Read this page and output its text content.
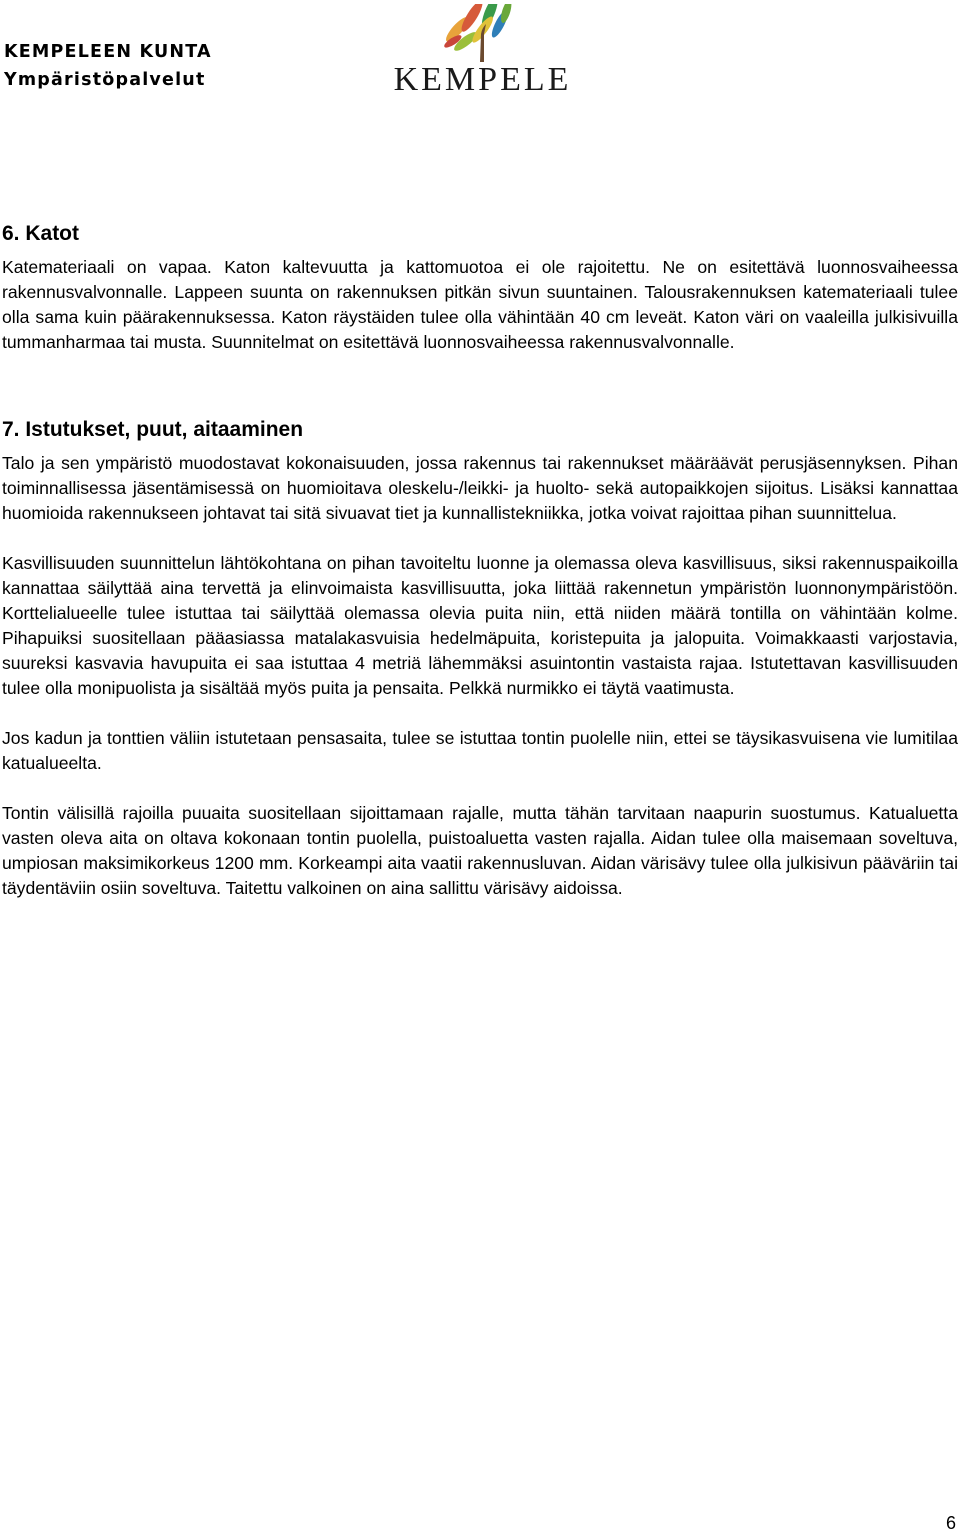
KEMPELEEN KUNTA
Ympäristöpalvelut	KEMPELE
6. Katot

Katemateriaali on vapaa. Katon kaltevuutta ja kattomuotoa ei ole rajoitettu. Ne on esitettävä luonnosvaiheessa rakennusvalvonnalle. Lappeen suunta on rakennuksen pitkän sivun suuntainen. Talousrakennuksen katemateriaali tulee olla sama kuin päärakennuksessa. Katon räystäiden tulee olla vähintään 40 cm leveät. Katon väri on vaaleilla julkisivuilla tummanharmaa tai musta. Suunnitelmat on esitettävä luonnosvaiheessa rakennusvalvonnalle.

7. Istutukset, puut, aitaaminen

Talo ja sen ympäristö muodostavat kokonaisuuden, jossa rakennus tai rakennukset määräävät perusjäsennyksen. Pihan toiminnallisessa jäsentämisessä on huomioitava oleskelu-/leikki- ja huolto- sekä autopaikkojen sijoitus. Lisäksi kannattaa huomioida rakennukseen johtavat tai sitä sivuavat tiet ja kunnallistekniikka, jotka voivat rajoittaa pihan suunnittelua.

Kasvillisuuden suunnittelun lähtökohtana on pihan tavoiteltu luonne ja olemassa oleva kasvillisuus, siksi rakennuspaikoilla kannattaa säilyttää aina tervettä ja elinvoimaista kasvillisuutta, joka liittää rakennetun ympäristön luonnonympäristöön. Korttelialueelle tulee istuttaa tai säilyttää olemassa olevia puita niin, että niiden määrä tontilla on vähintään kolme. Pihapuiksi suositellaan pääasiassa matalakasvuisia hedelmäpuita, koristepuita ja jalopuita. Voimakkaasti varjostavia, suureksi kasvavia havupuita ei saa istuttaa 4 metriä lähemmäksi asuintontin vastaista rajaa. Istutettavan kasvillisuuden tulee olla monipuolista ja sisältää myös puita ja pensaita. Pelkkä nurmikko ei täytä vaatimusta.

Jos kadun ja tonttien väliin istutetaan pensasaita, tulee se istuttaa tontin puolelle niin, ettei se täysikasvuisena vie lumitilaa katualueelta.

Tontin välisillä rajoilla puuaita suositellaan sijoittamaan rajalle, mutta tähän tarvitaan naapurin suostumus. Katualuetta vasten oleva aita on oltava kokonaan tontin puolella, puistoaluetta vasten rajalla. Aidan tulee olla maisemaan soveltuva, umpiosan maksimikorkeus 1200 mm. Korkeampi aita vaatii rakennusluvan. Aidan värisävy tulee olla julkisivun pääväriin tai täydentäviin osiin soveltuva. Taitettu valkoinen on aina sallittu värisävy aidoissa.

6
